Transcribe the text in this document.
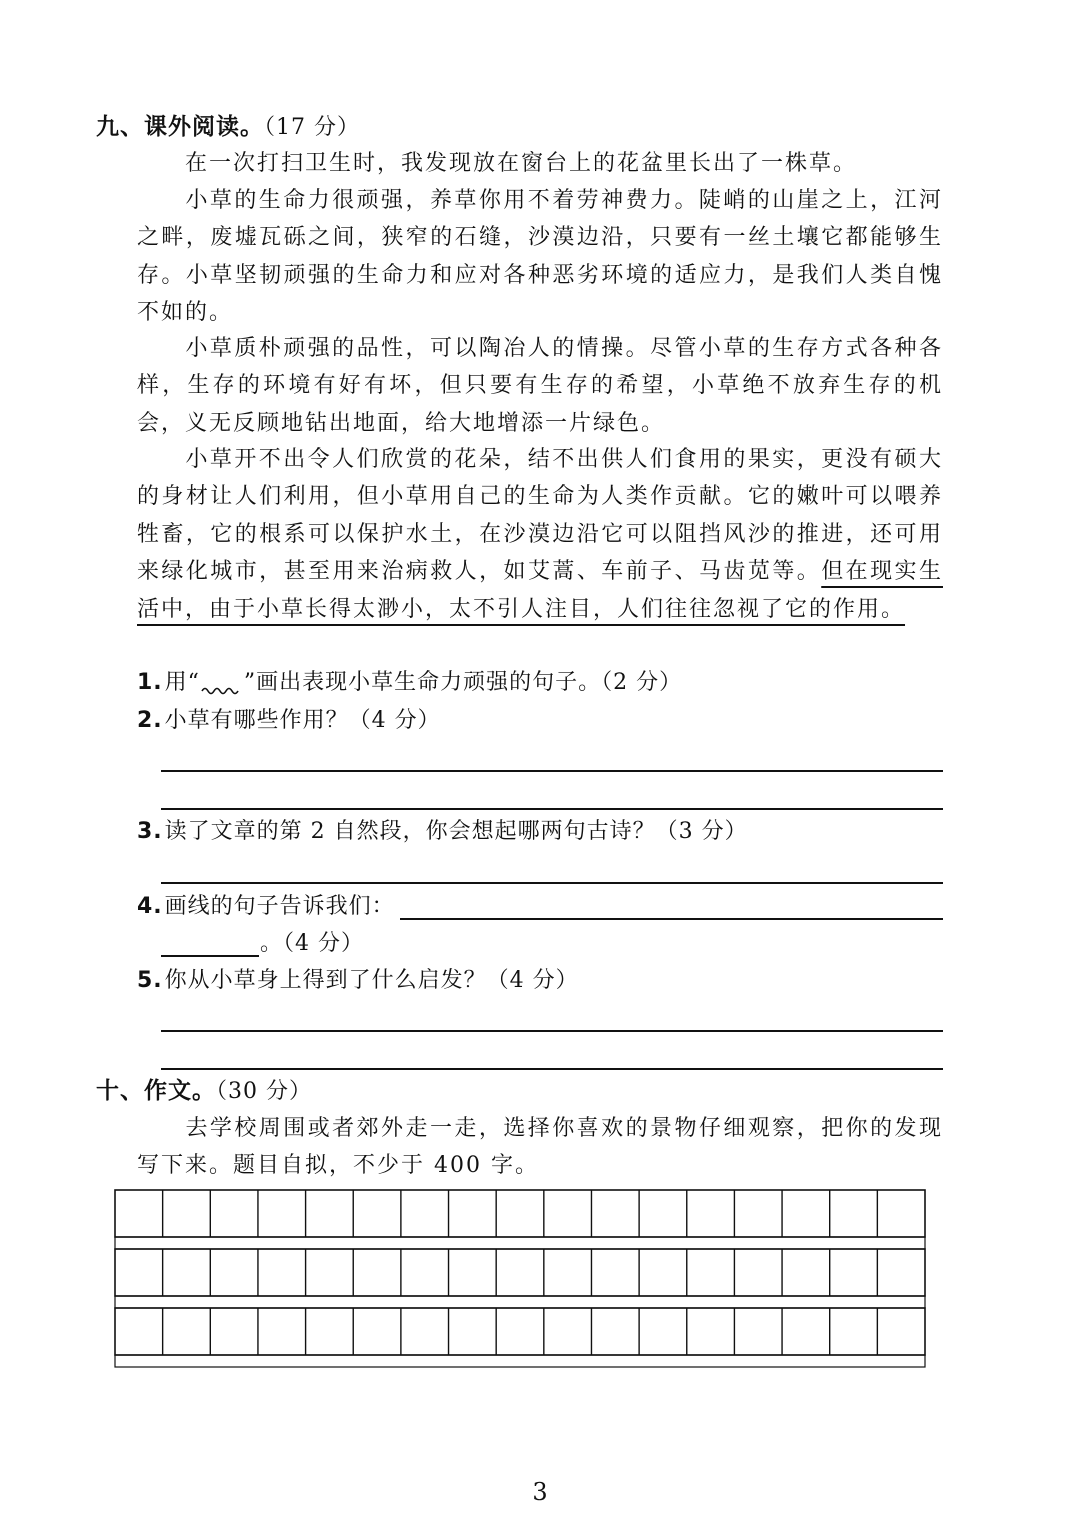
九、课外阅读。（17 分）
在一次打扫卫生时，我发现放在窗台上的花盆里长出了一株草。
小草的生命力很顽强，养草你用不着劳神费力。陡峭的山崖之上，江河之畔，废墟瓦砾之间，狭窄的石缝，沙漠边沿，只要有一丝土壤它都能够生存。小草坚韧顽强的生命力和应对各种恶劣环境的适应力，是我们人类自愧不如的。
小草质朴顽强的品性，可以陶冶人的情操。尽管小草的生存方式各种各样，生存的环境有好有坏，但只要有生存的希望，小草绝不放弃生存的机会，义无反顾地钻出地面，给大地增添一片绿色。
小草开不出令人们欣赏的花朵，结不出供人们食用的果实，更没有硕大的身材让人们利用，但小草用自己的生命为人类作贡献。它的嫩叶可以喂养牲畜，它的根系可以保护水土，在沙漠边沿它可以阻挡风沙的推进，还可用来绿化城市，甚至用来治病救人，如艾蒿、车前子、马齿苋等。但在现实生活中，由于小草长得太渺小，太不引人注目，人们往往忽视了它的作用。
1.用“ ”画出表现小草生命力顽强的句子。（2 分）
2.小草有哪些作用？（4 分）
3.读了文章的第 2 自然段，你会想起哪两句古诗？（3 分）
4.画线的句子告诉我们：
。（4 分）
5.你从小草身上得到了什么启发？（4 分）
十、作文。（30 分）
去学校周围或者郊外走一走，选择你喜欢的景物仔细观察，把你的发现写下来。题目自拟，不少于 400 字。
3
